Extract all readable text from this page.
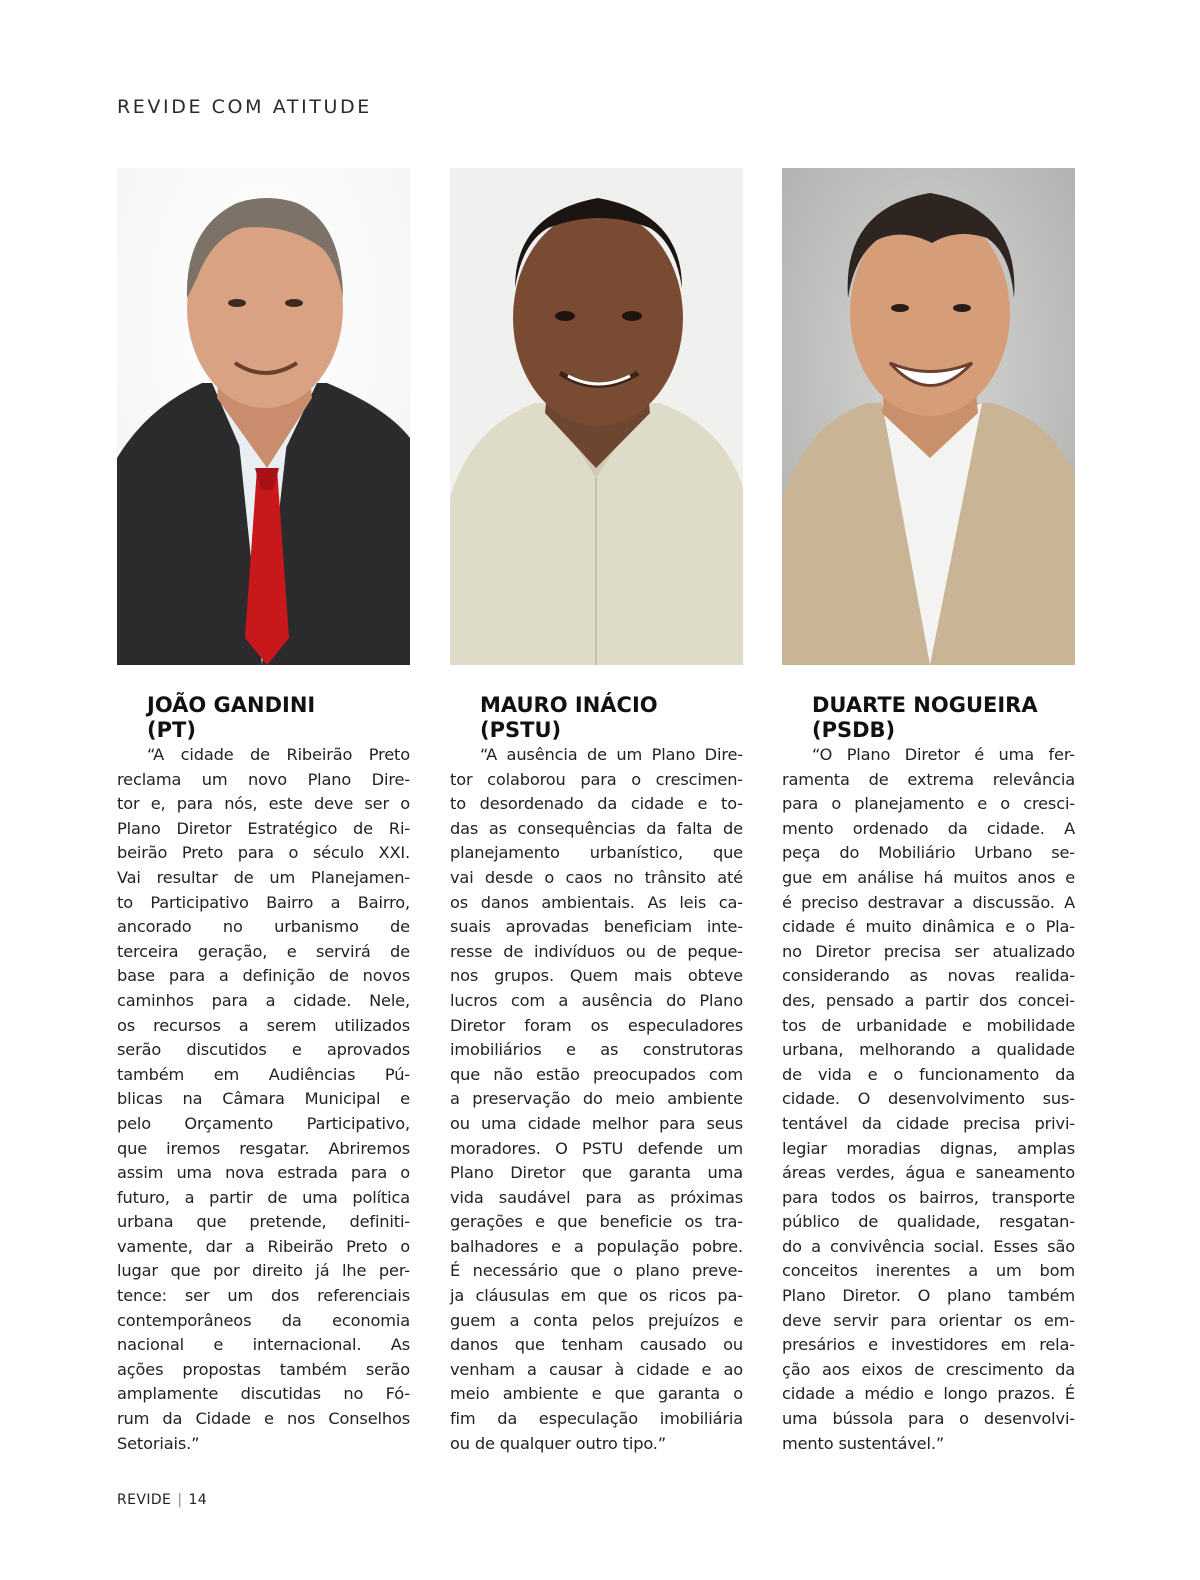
REVIDE COM ATITUDE
JOÃO GANDINI
(PT)
“A cidade de Ribeirão Preto
reclama um novo Plano Dire-
tor e, para nós, este deve ser o
Plano Diretor Estratégico de Ri-
beirão Preto para o século XXI.
Vai resultar de um Planejamen-
to Participativo Bairro a Bairro,
ancorado no urbanismo de
terceira geração, e servirá de
base para a definição de novos
caminhos para a cidade. Nele,
os recursos a serem utilizados
serão discutidos e aprovados
também em Audiências Pú-
blicas na Câmara Municipal e
pelo Orçamento Participativo,
que iremos resgatar. Abriremos
assim uma nova estrada para o
futuro, a partir de uma política
urbana que pretende, definiti-
vamente, dar a Ribeirão Preto o
lugar que por direito já lhe per-
tence: ser um dos referenciais
contemporâneos da economia
nacional e internacional. As
ações propostas também serão
amplamente discutidas no Fó-
rum da Cidade e nos Conselhos
Setoriais.”
MAURO INÁCIO
(PSTU)
“A ausência de um Plano Dire-
tor colaborou para o crescimen-
to desordenado da cidade e to-
das as consequências da falta de
planejamento urbanístico, que
vai desde o caos no trânsito até
os danos ambientais. As leis ca-
suais aprovadas beneficiam inte-
resse de indivíduos ou de peque-
nos grupos. Quem mais obteve
lucros com a ausência do Plano
Diretor foram os especuladores
imobiliários e as construtoras
que não estão preocupados com
a preservação do meio ambiente
ou uma cidade melhor para seus
moradores. O PSTU defende um
Plano Diretor que garanta uma
vida saudável para as próximas
gerações e que beneficie os tra-
balhadores e a população pobre.
É necessário que o plano preve-
ja cláusulas em que os ricos pa-
guem a conta pelos prejuízos e
danos que tenham causado ou
venham a causar à cidade e ao
meio ambiente e que garanta o
fim da especulação imobiliária
ou de qualquer outro tipo.”
DUARTE NOGUEIRA
(PSDB)
“O Plano Diretor é uma fer-
ramenta de extrema relevância
para o planejamento e o cresci-
mento ordenado da cidade. A
peça do Mobiliário Urbano se-
gue em análise há muitos anos e
é preciso destravar a discussão. A
cidade é muito dinâmica e o Pla-
no Diretor precisa ser atualizado
considerando as novas realida-
des, pensado a partir dos concei-
tos de urbanidade e mobilidade
urbana, melhorando a qualidade
de vida e o funcionamento da
cidade. O desenvolvimento sus-
tentável da cidade precisa privi-
legiar moradias dignas, amplas
áreas verdes, água e saneamento
para todos os bairros, transporte
público de qualidade, resgatan-
do a convivência social. Esses são
conceitos inerentes a um bom
Plano Diretor. O plano também
deve servir para orientar os em-
presários e investidores em rela-
ção aos eixos de crescimento da
cidade a médio e longo prazos. É
uma bússola para o desenvolvi-
mento sustentável.”
REVIDE | 14
